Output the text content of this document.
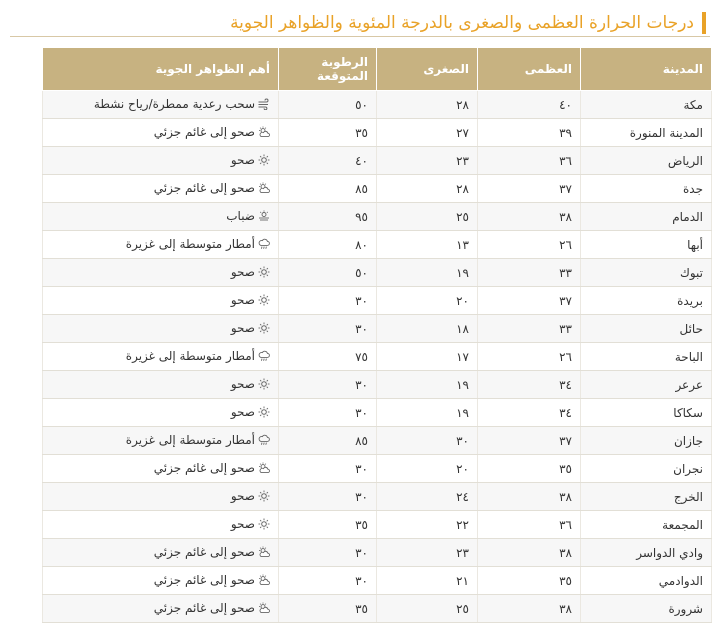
درجات الحرارة العظمى والصغرى بالدرجة المئوية والظواهر الجوية
المدينة	العظمى	الصغرى	الرطوبة المتوقعة	أهم الظواهر الجوية
مكة	٤٠	٢٨	٥٠	سحب رعدية ممطرة/رياح نشطة

المدينة المنورة	٣٩	٢٧	٣٥	صحو إلى غائم جزئي

الرياض	٣٦	٢٣	٤٠	صحو

جدة	٣٧	٢٨	٨٥	صحو إلى غائم جزئي

الدمام	٣٨	٢٥	٩٥	ضباب

أبها	٢٦	١٣	٨٠	أمطار متوسطة إلى غزيرة

تبوك	٣٣	١٩	٥٠	صحو

بريدة	٣٧	٢٠	٣٠	صحو

حائل	٣٣	١٨	٣٠	صحو

الباحة	٢٦	١٧	٧٥	أمطار متوسطة إلى غزيرة

عرعر	٣٤	١٩	٣٠	صحو

سكاكا	٣٤	١٩	٣٠	صحو

جازان	٣٧	٣٠	٨٥	أمطار متوسطة إلى غزيرة

نجران	٣٥	٢٠	٣٠	صحو إلى غائم جزئي

الخرج	٣٨	٢٤	٣٠	صحو

المجمعة	٣٦	٢٢	٣٥	صحو

وادي الدواسر	٣٨	٢٣	٣٠	صحو إلى غائم جزئي

الدوادمي	٣٥	٢١	٣٠	صحو إلى غائم جزئي

شرورة	٣٨	٢٥	٣٥	صحو إلى غائم جزئي
